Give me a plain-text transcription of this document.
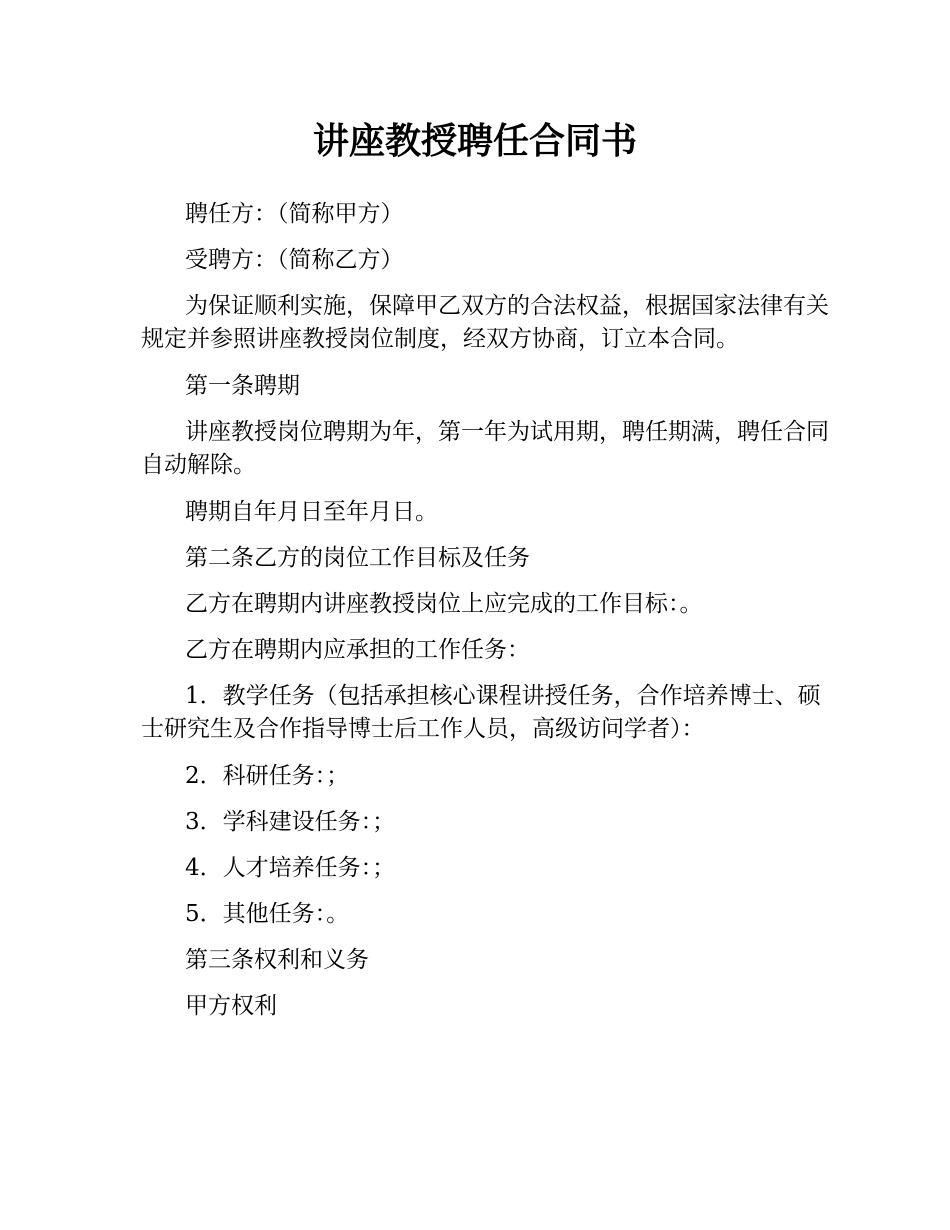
讲座教授聘任合同书

聘任方：（简称甲方）

受聘方：（简称乙方）

为保证顺利实施，保障甲乙双方的合法权益，根据国家法律有关规定并参照讲座教授岗位制度，经双方协商，订立本合同。

第一条聘期

讲座教授岗位聘期为年，第一年为试用期，聘任期满，聘任合同自动解除。

聘期自年月日至年月日。

第二条乙方的岗位工作目标及任务

乙方在聘期内讲座教授岗位上应完成的工作目标：。

乙方在聘期内应承担的工作任务：

1．教学任务（包括承担核心课程讲授任务，合作培养博士、硕士研究生及合作指导博士后工作人员，高级访问学者）：

2．科研任务：；

3．学科建设任务：；

4．人才培养任务：；

5．其他任务：。

第三条权利和义务

甲方权利
